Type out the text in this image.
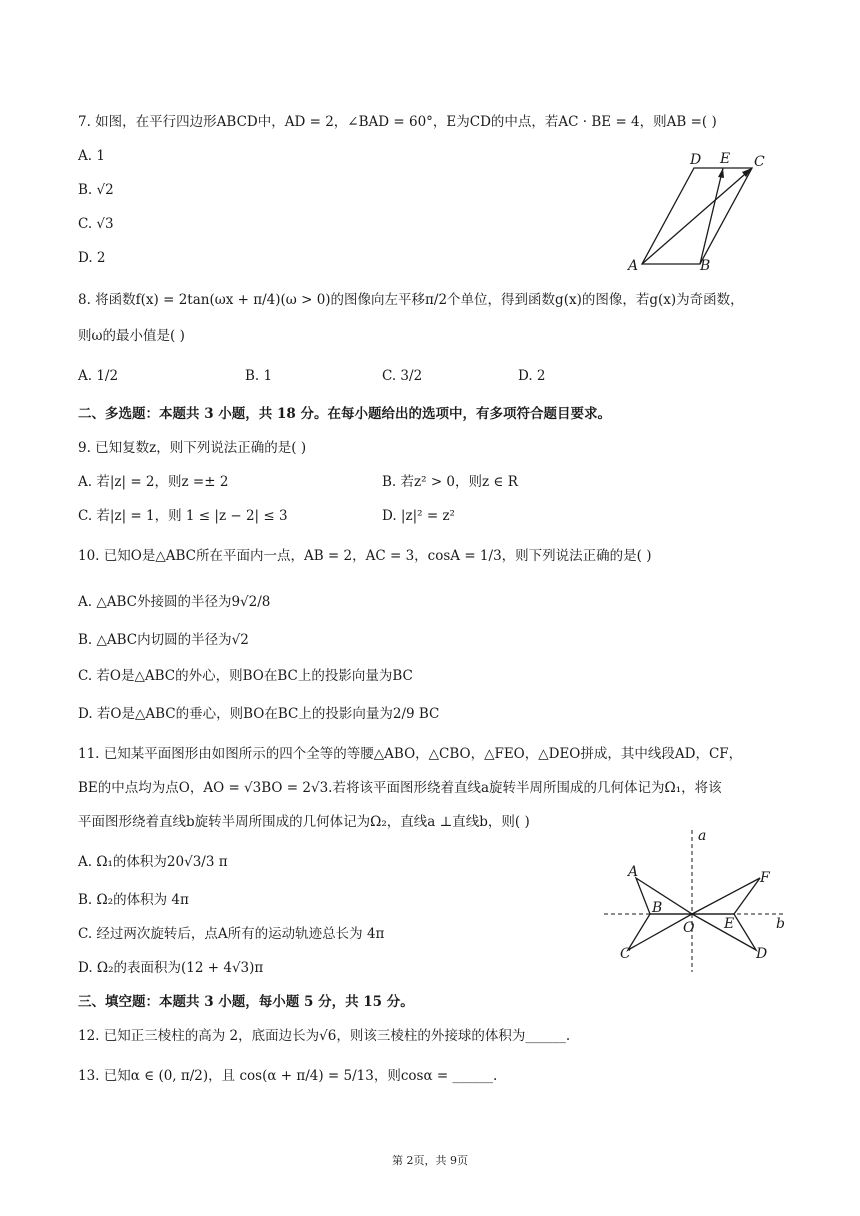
7. 如图，在平行四边形ABCD中，AD = 2，∠BAD = 60°，E为CD的中点，若AC · BE = 4，则AB =( )
A. 1
B. √2
C. √3
D. 2	A	B
C
D E
8. 将函数f(x) = 2tan(ωx + π/4)(ω > 0)的图像向左平移π/2个单位，得到函数g(x)的图像，若g(x)为奇函数，
则ω的最小值是( )
A. 1/2	B. 1	C. 3/2	D. 2
二、多选题：本题共 3 小题，共 18 分。在每小题给出的选项中，有多项符合题目要求。
9. 已知复数z，则下列说法正确的是( )
A. 若|z| = 2，则z =± 2	B. 若z² > 0，则z ∈ R
C. 若|z| = 1，则 1 ≤ |z − 2| ≤ 3	D. |z|² = z²
10. 已知O是△ABC所在平面内一点，AB = 2，AC = 3，cosA = 1/3，则下列说法正确的是( )
A. △ABC外接圆的半径为9√2/8
B. △ABC内切圆的半径为√2
C. 若O是△ABC的外心，则BO在BC上的投影向量为BC
D. 若O是△ABC的垂心，则BO在BC上的投影向量为2/9 BC
11. 已知某平面图形由如图所示的四个全等的等腰△ABO，△CBO，△FEO，△DEO拼成，其中线段AD，CF，
BE的中点均为点O，AO = √3BO = 2√3.若将该平面图形绕着直线a旋转半周所围成的几何体记为Ω₁，将该
平面图形绕着直线b旋转半周所围成的几何体记为Ω₂，直线a ⊥直线b，则( )
A. Ω₁的体积为20√3/3 π
B. Ω₂的体积为 4π
C. 经过两次旋转后，点A所有的运动轨迹总长为 4π
D. Ω₂的表面积为(12 + 4√3)π
A
B
C
O E
F
D
a
b
三、填空题：本题共 3 小题，每小题 5 分，共 15 分。
12. 已知正三棱柱的高为 2，底面边长为√6，则该三棱柱的外接球的体积为______.
13. 已知α ∈ (0, π/2)，且 cos(α + π/4) = 5/13，则cosα = ______.
第 2页，共 9页
